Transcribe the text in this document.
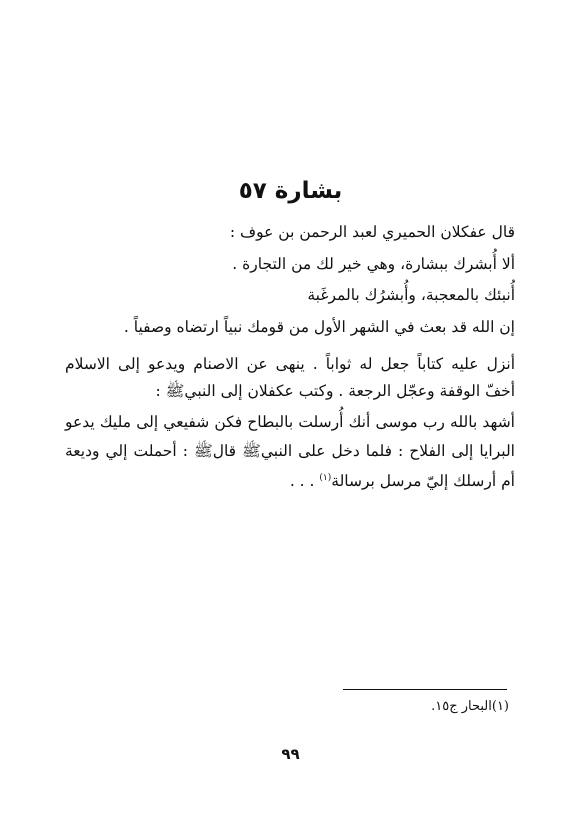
بشارة ٥٧
قال عفكلان الحميري لعبد الرحمن بن عوف :
ألا أُبشرك ببشارة، وهي خير لك من التجارة .
أُنبئك بالمعجبة، وأُبشرُك بالمرغَبة
إن الله قد بعث في الشهر الأول من قومك نبياً ارتضاه وصفياً .
أنزل عليه كتاباً جعل له ثواباً . ينهى عن الاصنام ويدعو إلى الاسلام
أخفّ الوقفة وعجّل الرجعة . وكتب عكفلان إلى النبيﷺ :
أشهد بالله رب موسى أنك أُرسلت بالبطاح فكن شفيعي إلى مليك يدعو
البرايا إلى الفلاح : فلما دخل على النبيﷺ قالﷺ : أحملت إلي وديعة
أم أرسلك إليّ مرسل برسالة$^{(١)}$ . . .
(١)البحار ج١٥.
٩٩
